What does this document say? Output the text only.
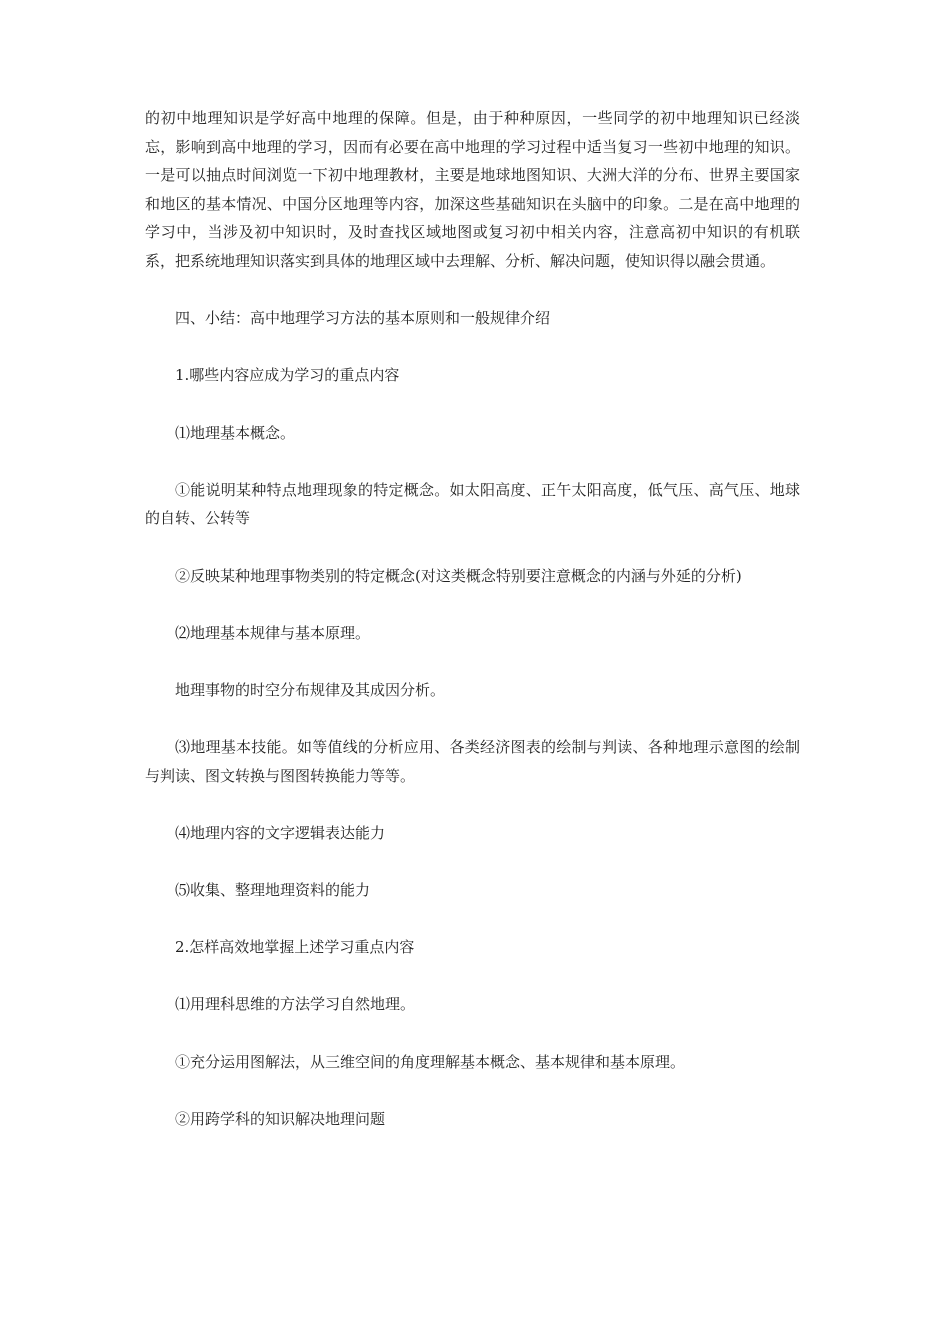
的初中地理知识是学好高中地理的保障。但是，由于种种原因，一些同学的初中地理知识已经淡忘，影响到高中地理的学习，因而有必要在高中地理的学习过程中适当复习一些初中地理的知识。一是可以抽点时间浏览一下初中地理教材，主要是地球地图知识、大洲大洋的分布、世界主要国家和地区的基本情况、中国分区地理等内容，加深这些基础知识在头脑中的印象。二是在高中地理的学习中，当涉及初中知识时，及时查找区域地图或复习初中相关内容，注意高初中知识的有机联系，把系统地理知识落实到具体的地理区域中去理解、分析、解决问题，使知识得以融会贯通。

四、小结：高中地理学习方法的基本原则和一般规律介绍

1.哪些内容应成为学习的重点内容

⑴地理基本概念。

①能说明某种特点地理现象的特定概念。如太阳高度、正午太阳高度，低气压、高气压、地球的自转、公转等

②反映某种地理事物类别的特定概念(对这类概念特别要注意概念的内涵与外延的分析)

⑵地理基本规律与基本原理。

地理事物的时空分布规律及其成因分析。

⑶地理基本技能。如等值线的分析应用、各类经济图表的绘制与判读、各种地理示意图的绘制与判读、图文转换与图图转换能力等等。

⑷地理内容的文字逻辑表达能力

⑸收集、整理地理资料的能力

2.怎样高效地掌握上述学习重点内容

⑴用理科思维的方法学习自然地理。

①充分运用图解法，从三维空间的角度理解基本概念、基本规律和基本原理。

②用跨学科的知识解决地理问题
